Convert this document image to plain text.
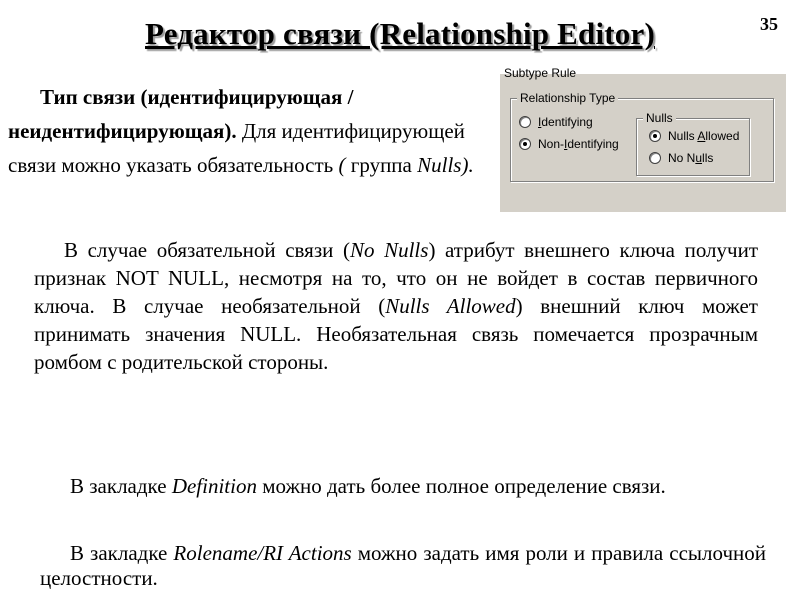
Редактор связи (Relationship Editor)	35
Тип связи (идентифицирующая / неидентифицирующая). Для идентифицирующей связи можно указать обязательность ( группа Nulls).
Subtype Rule
Relationship Type
Identifying
Non-Identifying
Nulls
Nulls Allowed
No Nulls
В случае обязательной связи (No Nulls) атрибут внешнего ключа получит признак NOT NULL, несмотря на то, что он не войдет в состав первичного ключа. В случае необязательной (Nulls Allowed) внешний ключ может принимать значения NULL. Необязательная связь помечается прозрачным ромбом с родительской стороны.
В закладке Definition можно дать более полное определение связи.
В закладке Rolename/RI Actions можно задать имя роли и правила ссылочной целостности.
